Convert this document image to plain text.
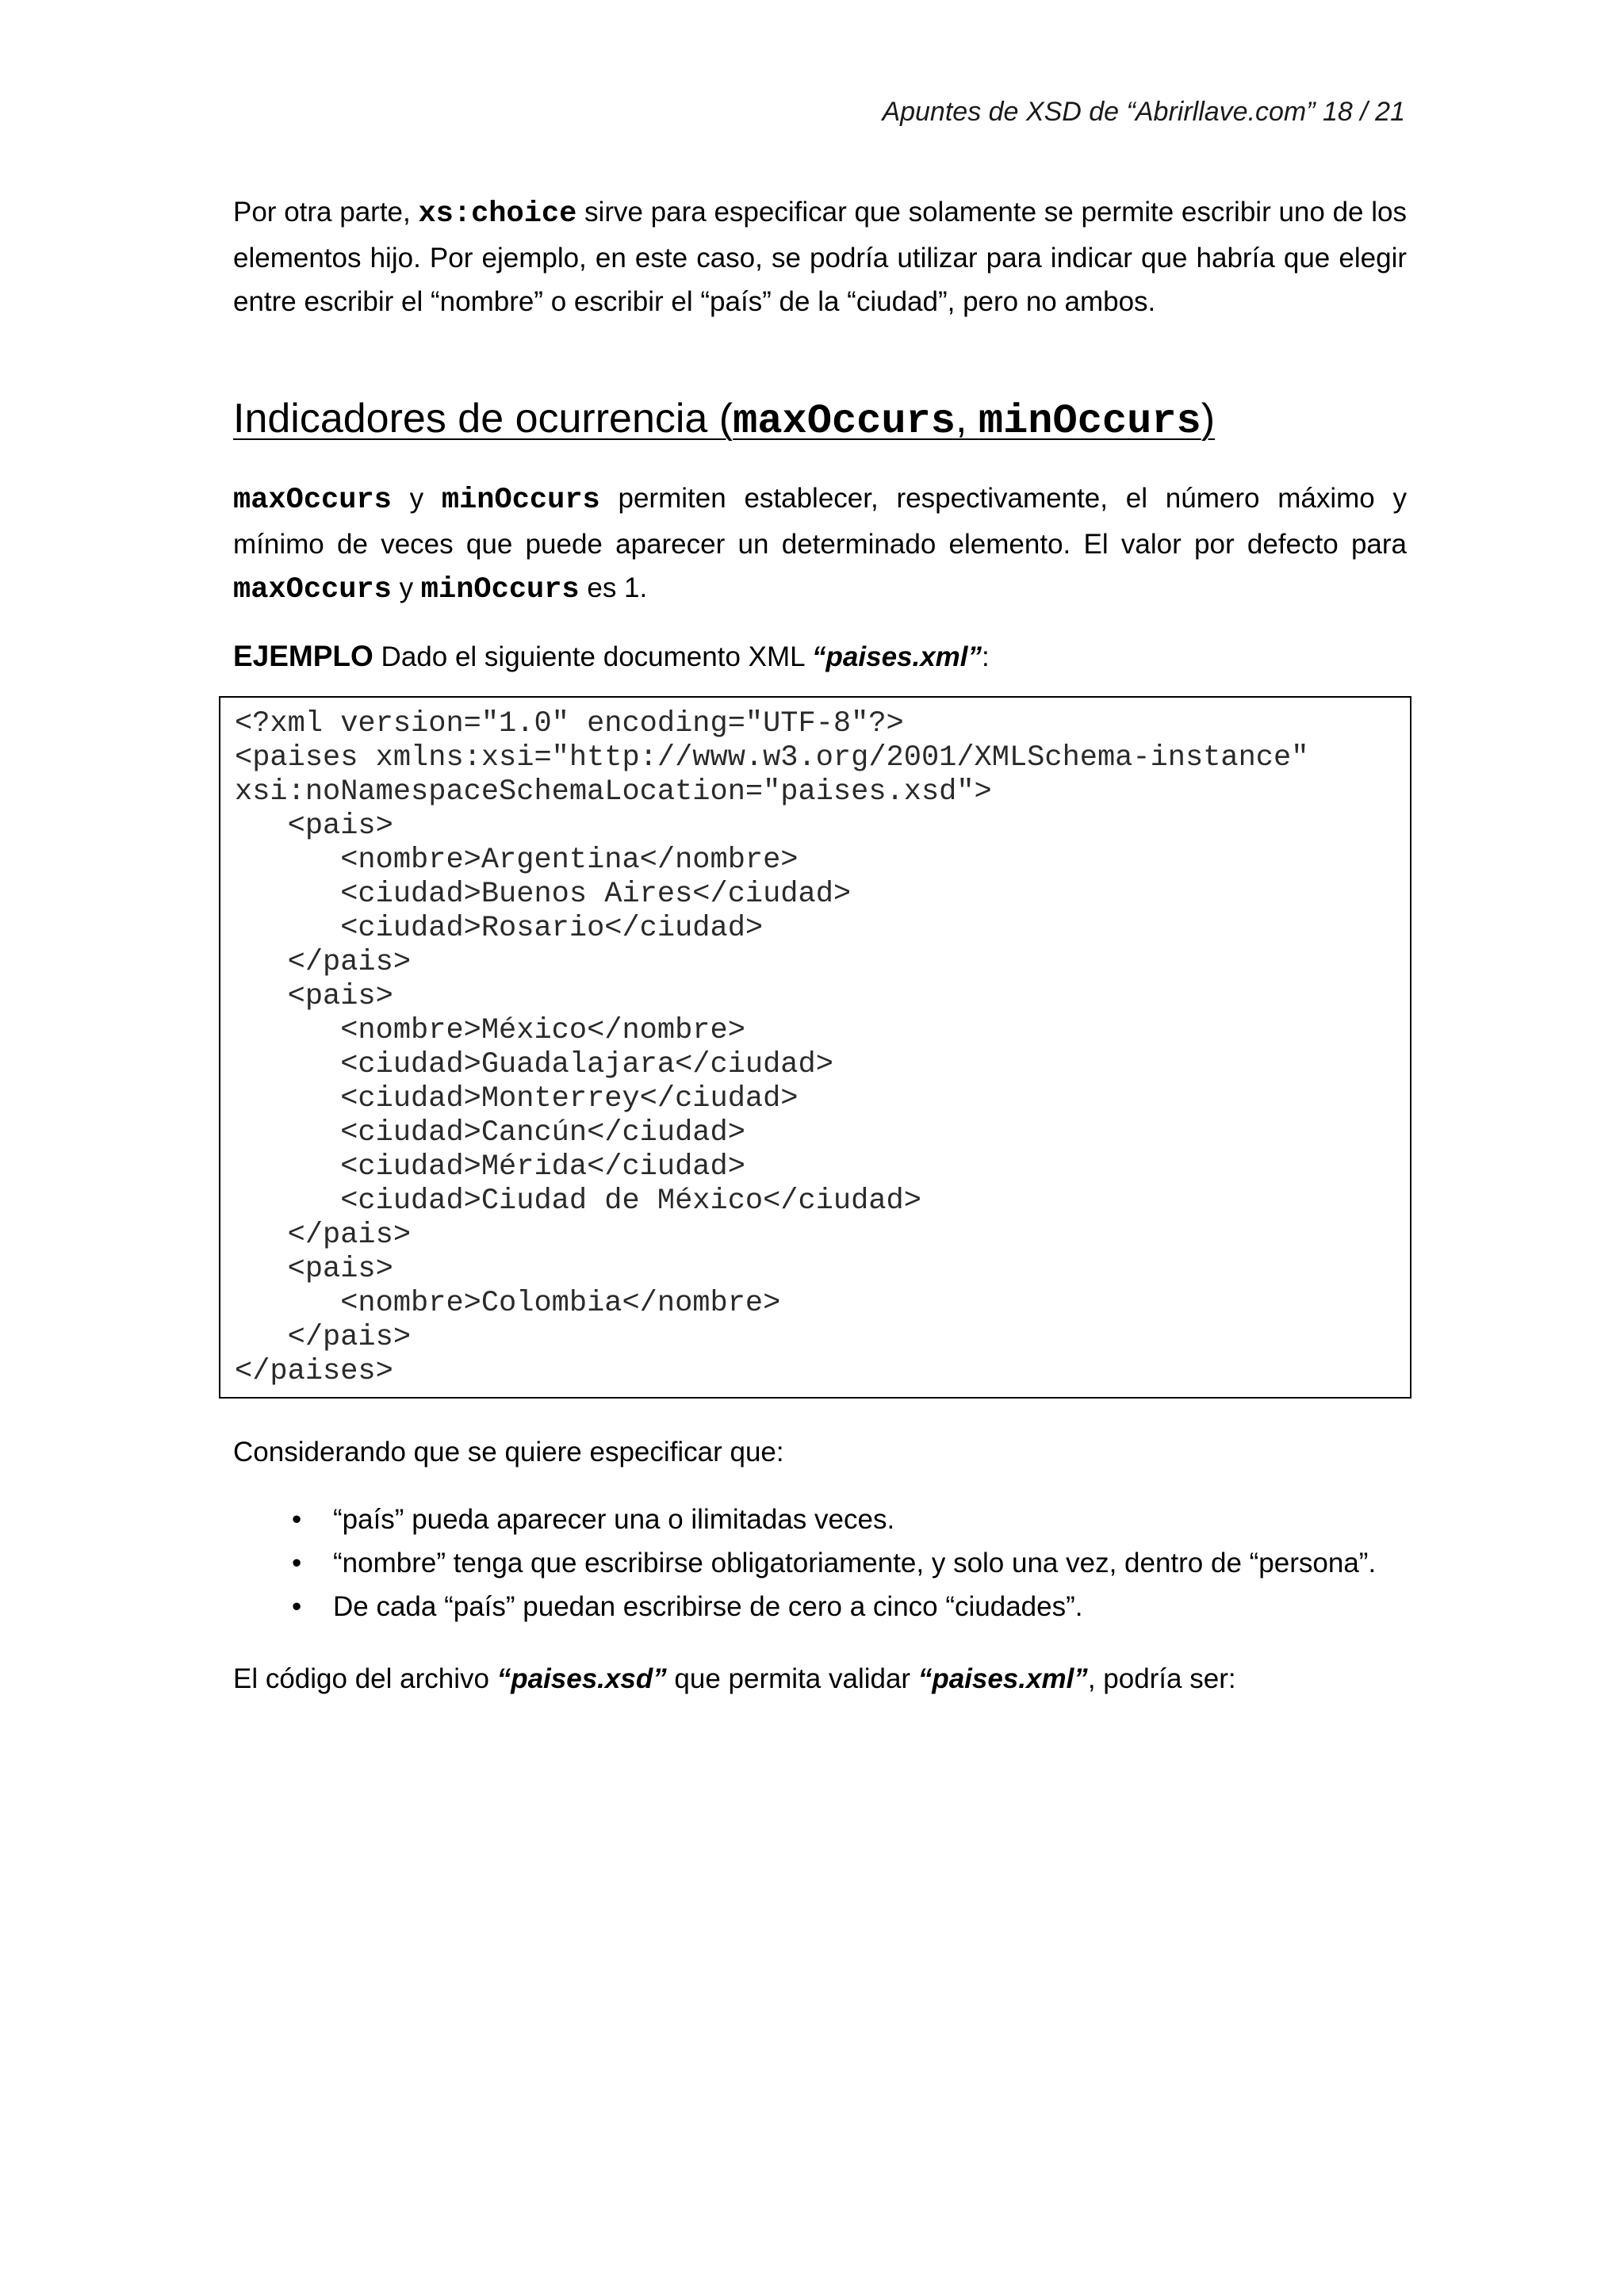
Apuntes de XSD de “Abrirllave.com” 18 / 21

Por otra parte, xs:choice sirve para especificar que solamente se permite escribir uno de los elementos hijo. Por ejemplo, en este caso, se podría utilizar para indicar que habría que elegir entre escribir el “nombre” o escribir el “país” de la “ciudad”, pero no ambos.

Indicadores de ocurrencia (maxOccurs, minOccurs)

maxOccurs y minOccurs permiten establecer, respectivamente, el número máximo y mínimo de veces que puede aparecer un determinado elemento. El valor por defecto para maxOccurs y minOccurs es 1.

EJEMPLO Dado el siguiente documento XML “paises.xml”:

<?xml version="1.0" encoding="UTF-8"?>
<paises xmlns:xsi="http://www.w3.org/2001/XMLSchema-instance"
xsi:noNamespaceSchemaLocation="paises.xsd">
<pais>
<nombre>Argentina</nombre>
<ciudad>Buenos Aires</ciudad>
<ciudad>Rosario</ciudad>
</pais>
<pais>
<nombre>México</nombre>
<ciudad>Guadalajara</ciudad>
<ciudad>Monterrey</ciudad>
<ciudad>Cancún</ciudad>
<ciudad>Mérida</ciudad>
<ciudad>Ciudad de México</ciudad>
</pais>
<pais>
<nombre>Colombia</nombre>
</pais>
</paises>

Considerando que se quiere especificar que:

• “país” pueda aparecer una o ilimitadas veces.
• “nombre” tenga que escribirse obligatoriamente, y solo una vez, dentro de “persona”.
• De cada “país” puedan escribirse de cero a cinco “ciudades”.

El código del archivo “paises.xsd” que permita validar “paises.xml”, podría ser:
